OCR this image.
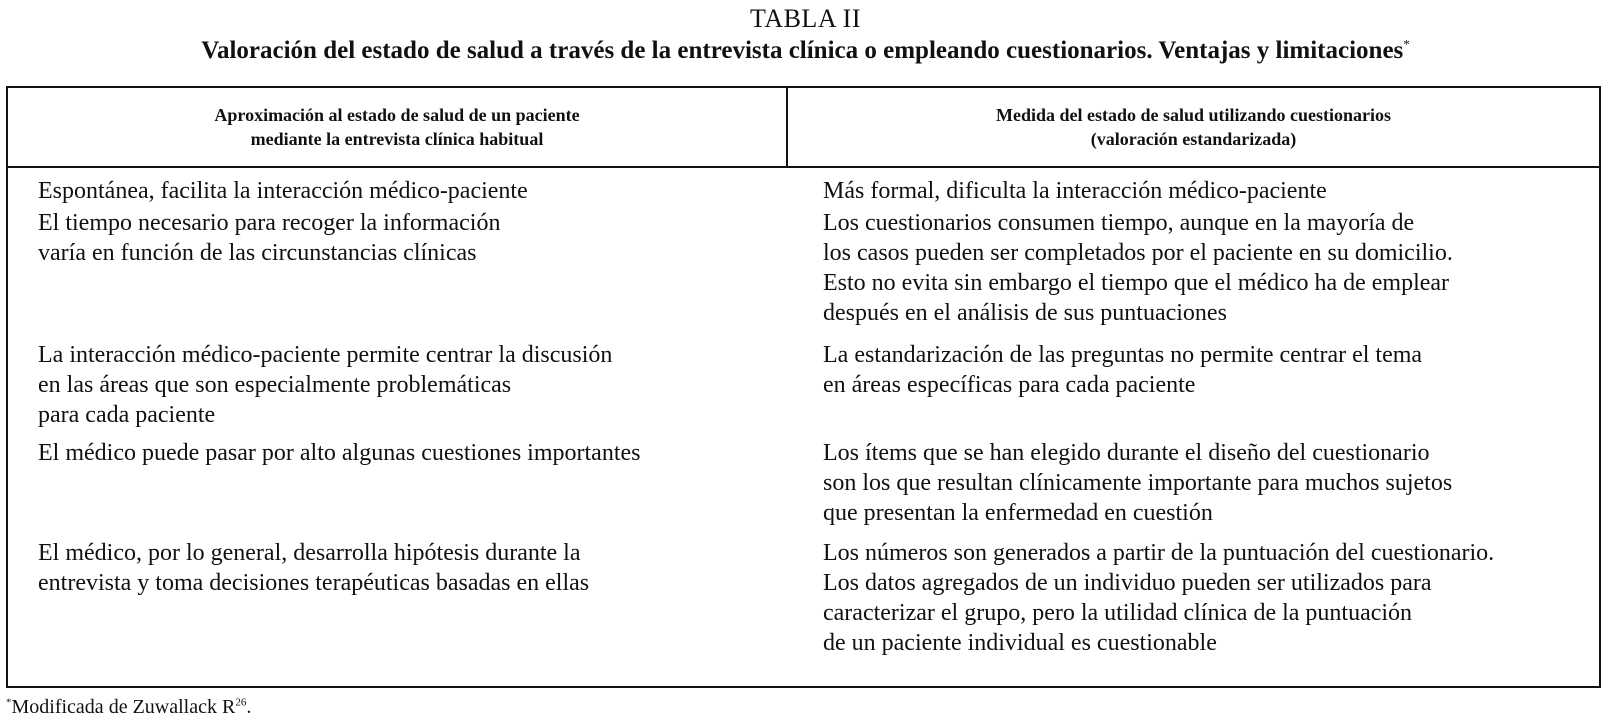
TABLA II
Valoración del estado de salud a través de la entrevista clínica o empleando cuestionarios. Ventajas y limitaciones*
Aproximación al estado de salud de un paciente
mediante la entrevista clínica habitual
Medida del estado de salud utilizando cuestionarios
(valoración estandarizada)
Espontánea, facilita la interacción médico-paciente	Más formal, dificulta la interacción médico-paciente
El tiempo necesario para recoger la información
varía en función de las circunstancias clínicas
Los cuestionarios consumen tiempo, aunque en la mayoría de
los casos pueden ser completados por el paciente en su domicilio.
Esto no evita sin embargo el tiempo que el médico ha de emplear
después en el análisis de sus puntuaciones
La interacción médico-paciente permite centrar la discusión
en las áreas que son especialmente problemáticas
para cada paciente
La estandarización de las preguntas no permite centrar el tema
en áreas específicas para cada paciente
El médico puede pasar por alto algunas cuestiones importantes	Los ítems que se han elegido durante el diseño del cuestionario
son los que resultan clínicamente importante para muchos sujetos
que presentan la enfermedad en cuestión
El médico, por lo general, desarrolla hipótesis durante la
entrevista y toma decisiones terapéuticas basadas en ellas
Los números son generados a partir de la puntuación del cuestionario.
Los datos agregados de un individuo pueden ser utilizados para
caracterizar el grupo, pero la utilidad clínica de la puntuación
de un paciente individual es cuestionable
*Modificada de Zuwallack $R^{26}$.
